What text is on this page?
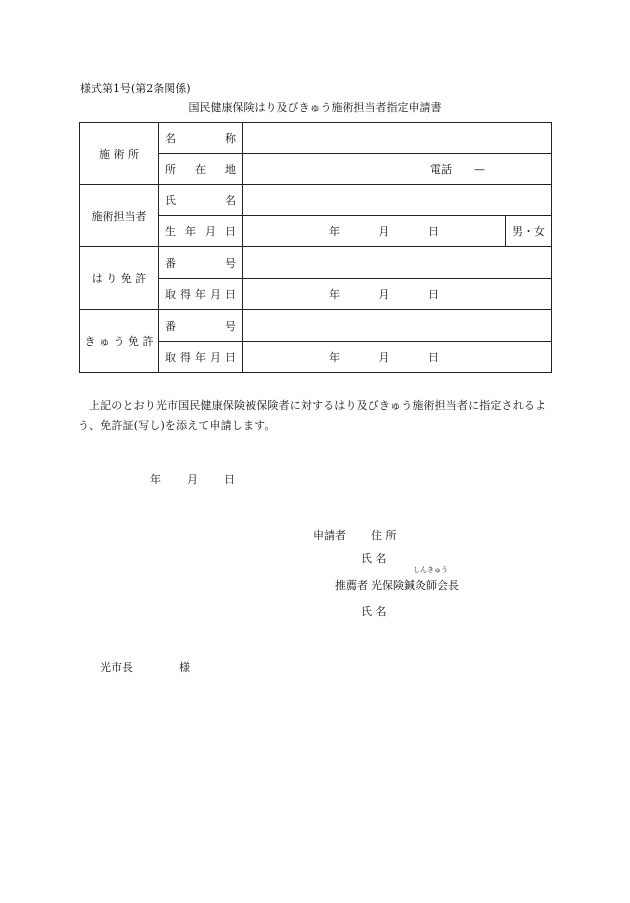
様式第1号(第2条関係)
国民健康保険はり及びきゅう施術担当者指定申請書
施 術 所	名称		
	所在地	電話 —	

施術担当者	氏名		
	生年月日	年 月 日	男・女
は り 免 許	番号		
	取得年月日	年 月 日	

き ゅ う 免 許	番号		
	取得年月日	年 月 日	
上記のとおり光市国民健康保険被保険者に対するはり及びきゅう施術担当者に指定されるよう、免許証(写し)を添えて申請します。
年 月 日
申請者 住 所
氏 名
しんきゅう
推薦者 光保険鍼灸師会長
氏 名
光市長	様
